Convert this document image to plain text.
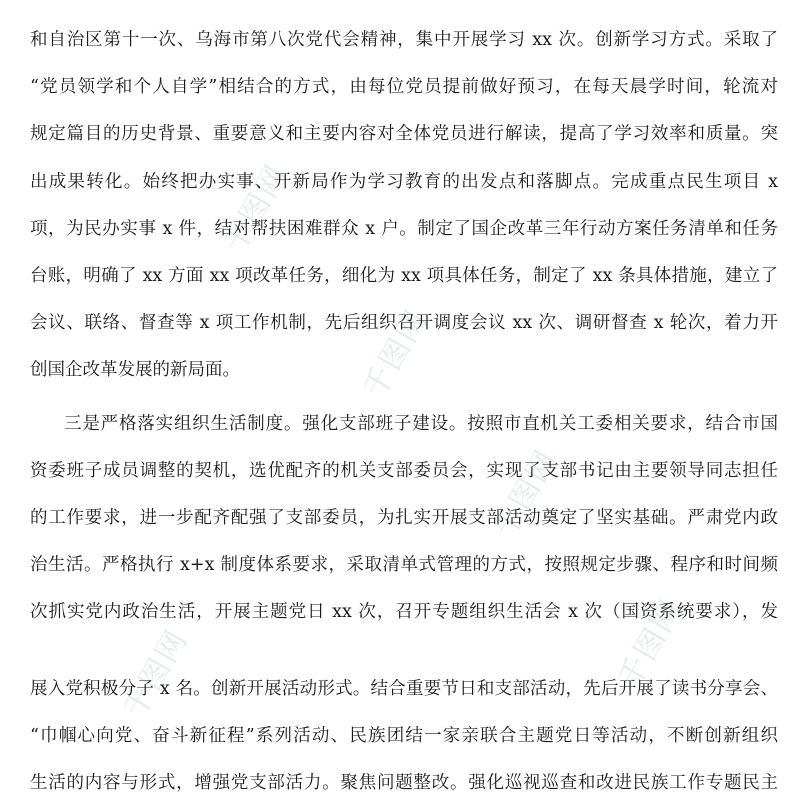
千图网
千图网
千图网
千图网	千图网
和自治区第十一次、乌海市第八次党代会精神，集中开展学习 xx 次。创新学习方式。采取了
“党员领学和个人自学”相结合的方式，由每位党员提前做好预习，在每天晨学时间，轮流对
规定篇目的历史背景、重要意义和主要内容对全体党员进行解读，提高了学习效率和质量。突
出成果转化。始终把办实事、开新局作为学习教育的出发点和落脚点。完成重点民生项目 x
项，为民办实事 x 件，结对帮扶困难群众 x 户。制定了国企改革三年行动方案任务清单和任务
台账，明确了 xx 方面 xx 项改革任务，细化为 xx 项具体任务，制定了 xx 条具体措施，建立了
会议、联络、督查等 x 项工作机制，先后组织召开调度会议 xx 次、调研督查 x 轮次，着力开
创国企改革发展的新局面。
三是严格落实组织生活制度。强化支部班子建设。按照市直机关工委相关要求，结合市国
资委班子成员调整的契机，选优配齐的机关支部委员会，实现了支部书记由主要领导同志担任
的工作要求，进一步配齐配强了支部委员，为扎实开展支部活动奠定了坚实基础。严肃党内政
治生活。严格执行 x+x 制度体系要求，采取清单式管理的方式，按照规定步骤、程序和时间频
次抓实党内政治生活，开展主题党日 xx 次，召开专题组织生活会 x 次（国资系统要求），发
展入党积极分子 x 名。创新开展活动形式。结合重要节日和支部活动，先后开展了读书分享会、
“巾帼心向党、奋斗新征程”系列活动、民族团结一家亲联合主题党日等活动，不断创新组织
生活的内容与形式，增强党支部活力。聚焦问题整改。强化巡视巡查和改进民族工作专题民主
